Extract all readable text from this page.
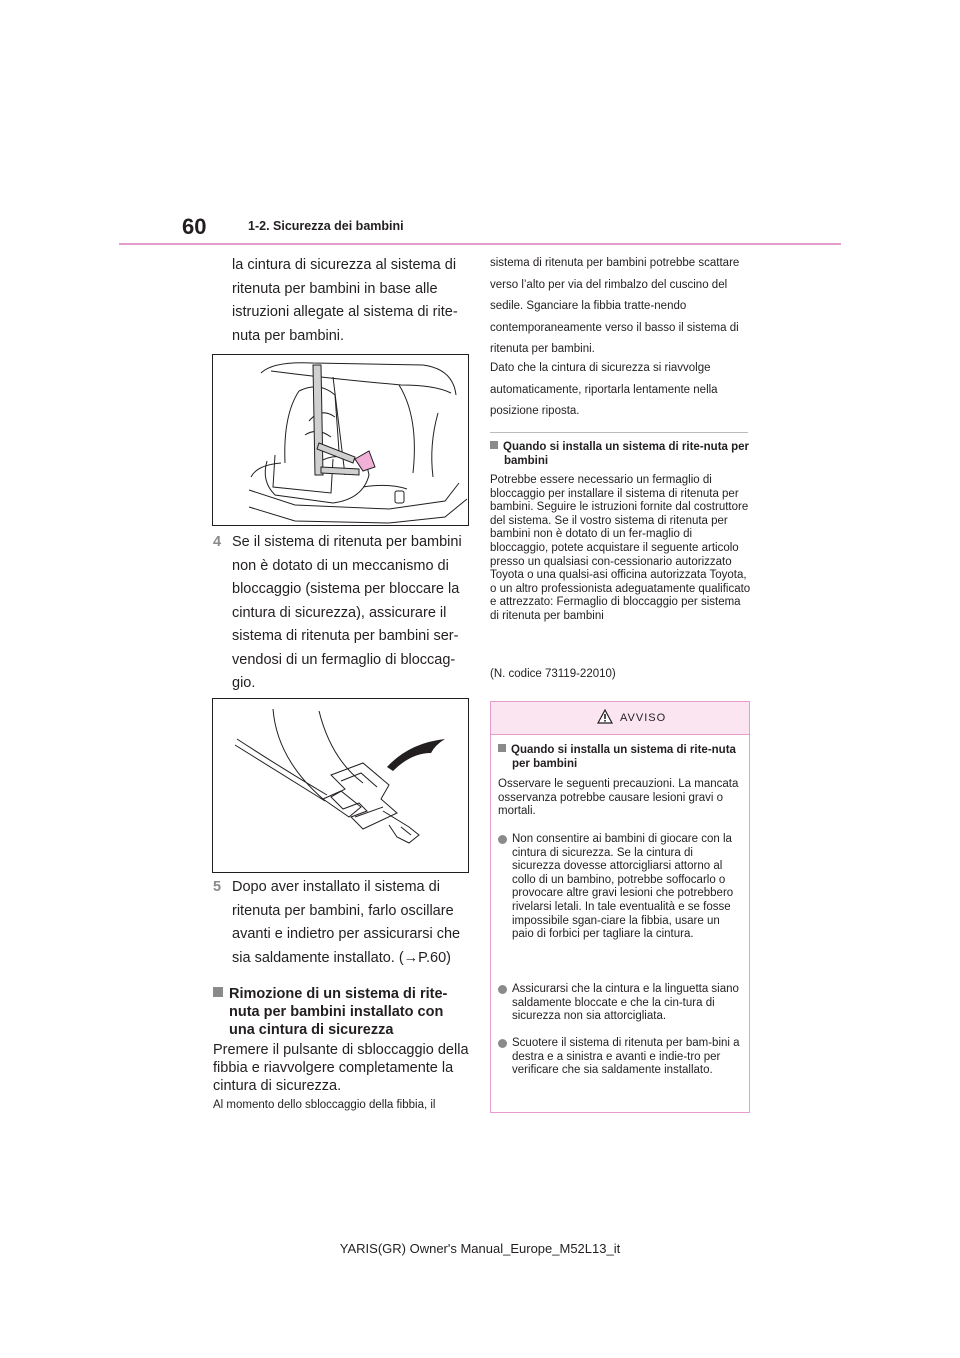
60	1-2. Sicurezza dei bambini
la cintura di sicurezza al sistema di ritenuta per bambini in base alle istruzioni allegate al sistema di rite-nuta per bambini.
4 Se il sistema di ritenuta per bambini non è dotato di un meccanismo di bloccaggio (sistema per bloccare la cintura di sicurezza), assicurare il sistema di ritenuta per bambini ser-vendosi di un fermaglio di bloccag-gio.
5 Dopo aver installato il sistema di ritenuta per bambini, farlo oscillare avanti e indietro per assicurarsi che sia saldamente installato. (→P.60)
Rimozione di un sistema di rite-nuta per bambini installato con una cintura di sicurezza
Premere il pulsante di sbloccaggio della fibbia e riavvolgere completamente la cintura di sicurezza.
Al momento dello sbloccaggio della fibbia, il
sistema di ritenuta per bambini potrebbe scattare verso l’alto per via del rimbalzo del cuscino del sedile. Sganciare la fibbia tratte-nendo contemporaneamente verso il basso il sistema di ritenuta per bambini.
Dato che la cintura di sicurezza si riavvolge automaticamente, riportarla lentamente nella posizione riposta.
Quando si installa un sistema di rite-nuta per bambini
Potrebbe essere necessario un fermaglio di bloccaggio per installare il sistema di ritenuta per bambini. Seguire le istruzioni fornite dal costruttore del sistema. Se il vostro sistema di ritenuta per bambini non è dotato di un fer-maglio di bloccaggio, potete acquistare il seguente articolo presso un qualsiasi con-cessionario autorizzato Toyota o una qualsi-asi officina autorizzata Toyota, o un altro professionista adeguatamente qualificato e attrezzato: Fermaglio di bloccaggio per sistema di ritenuta per bambini
(N. codice 73119-22010)
AVVISO
Quando si installa un sistema di rite-nuta per bambini
Osservare le seguenti precauzioni. La mancata osservanza potrebbe causare lesioni gravi o mortali.
Non consentire ai bambini di giocare con la cintura di sicurezza. Se la cintura di sicurezza dovesse attorcigliarsi attorno al collo di un bambino, potrebbe soffocarlo o provocare altre gravi lesioni che potrebbero rivelarsi letali. In tale eventualità e se fosse impossibile sgan-ciare la fibbia, usare un paio di forbici per tagliare la cintura.
Assicurarsi che la cintura e la linguetta siano saldamente bloccate e che la cin-tura di sicurezza non sia attorcigliata.
Scuotere il sistema di ritenuta per bam-bini a destra e a sinistra e avanti e indie-tro per verificare che sia saldamente installato.
YARIS(GR) Owner's Manual_Europe_M52L13_it
